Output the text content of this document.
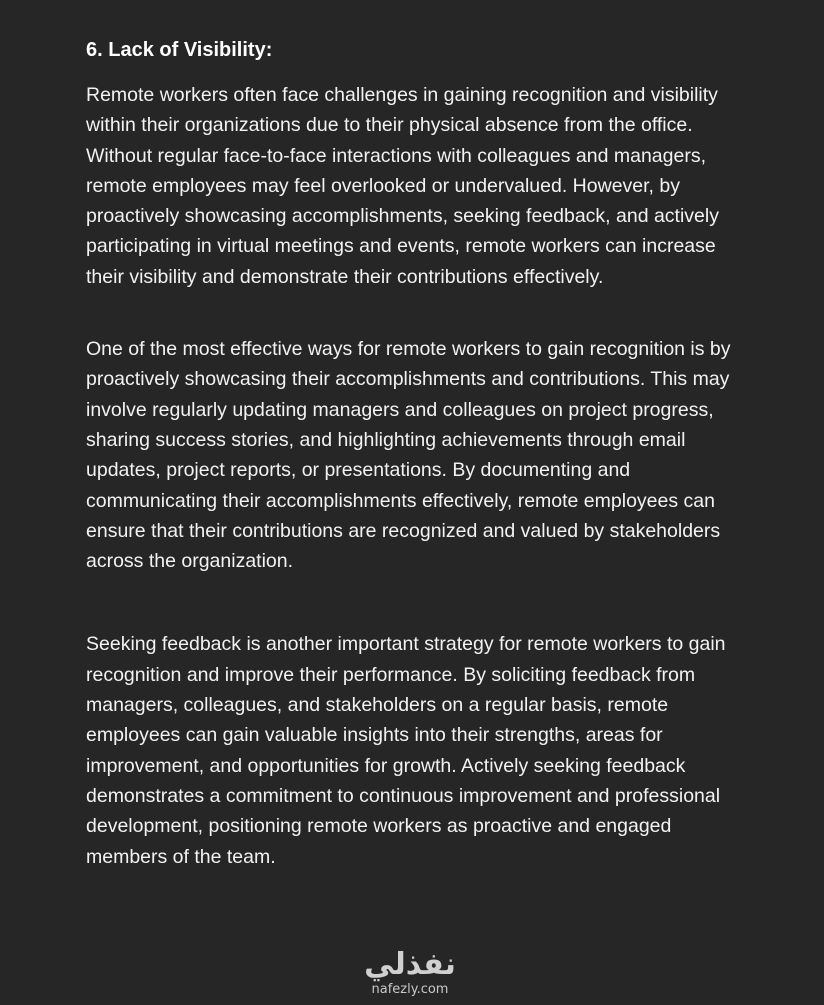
6. Lack of Visibility:

Remote workers often face challenges in gaining recognition and visibility within their organizations due to their physical absence from the office. Without regular face-to-face interactions with colleagues and managers, remote employees may feel overlooked or undervalued. However, by proactively showcasing accomplishments, seeking feedback, and actively participating in virtual meetings and events, remote workers can increase their visibility and demonstrate their contributions effectively.

One of the most effective ways for remote workers to gain recognition is by proactively showcasing their accomplishments and contributions. This may involve regularly updating managers and colleagues on project progress, sharing success stories, and highlighting achievements through email updates, project reports, or presentations. By documenting and communicating their accomplishments effectively, remote employees can ensure that their contributions are recognized and valued by stakeholders across the organization.

Seeking feedback is another important strategy for remote workers to gain recognition and improve their performance. By soliciting feedback from managers, colleagues, and stakeholders on a regular basis, remote employees can gain valuable insights into their strengths, areas for improvement, and opportunities for growth. Actively seeking feedback demonstrates a commitment to continuous improvement and professional development, positioning remote workers as proactive and engaged members of the team.

نفذلي
nafezly.com
